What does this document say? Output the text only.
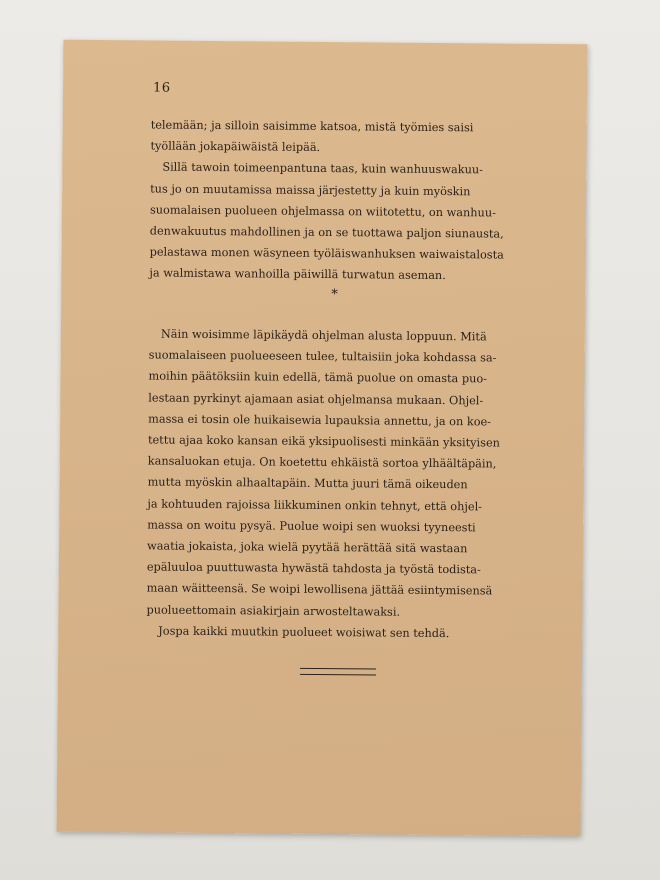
16
telemään; ja silloin saisimme katsoa, mistä työmies saisi
työllään jokapäiwäistä leipää.
Sillä tawoin toimeenpantuna taas, kuin wanhuuswakuu-
tus jo on muutamissa maissa järjestetty ja kuin myöskin
suomalaisen puolueen ohjelmassa on wiitotettu, on wanhuu-
denwakuutus mahdollinen ja on se tuottawa paljon siunausta,
pelastawa monen wäsyneen työläiswanhuksen waiwaistalosta
ja walmistawa wanhoilla päiwillä turwatun aseman.
*
Näin woisimme läpikäydä ohjelman alusta loppuun. Mitä
suomalaiseen puolueeseen tulee, tultaisiin joka kohdassa sa-
moihin päätöksiin kuin edellä, tämä puolue on omasta puo-
lestaan pyrkinyt ajamaan asiat ohjelmansa mukaan. Ohjel-
massa ei tosin ole huikaisewia lupauksia annettu, ja on koe-
tettu ajaa koko kansan eikä yksipuolisesti minkään yksityisen
kansaluokan etuja. On koetettu ehkäistä sortoa ylhäältäpäin,
mutta myöskin alhaaltapäin. Mutta juuri tämä oikeuden
ja kohtuuden rajoissa liikkuminen onkin tehnyt, että ohjel-
massa on woitu pysyä. Puolue woipi sen wuoksi tyyneesti
waatia jokaista, joka wielä pyytää herättää sitä wastaan
epäluuloa puuttuwasta hywästä tahdosta ja työstä todista-
maan wäitteensä. Se woipi lewollisena jättää esiintymisensä
puolueettomain asiakirjain arwosteltawaksi.
Jospa kaikki muutkin puolueet woisiwat sen tehdä.
